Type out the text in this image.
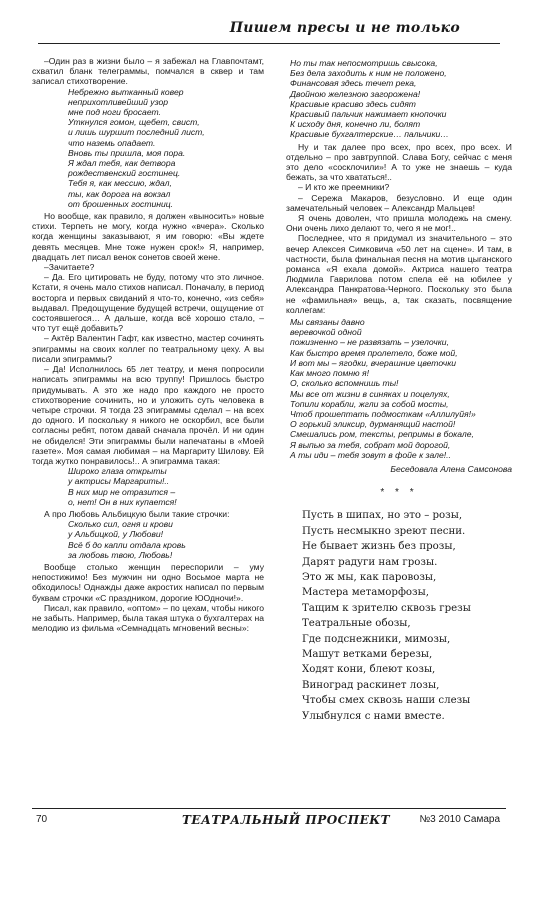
Пишем пресы и не только

–Один раз в жизни было – я забежал на Главпочтамт, схватил бланк телеграммы, помчался в сквер и там записал стихотворение.

Небрежно вытканный ковер
неприхотливейший узор
мне под ноги бросает.
Уткнулся гомон, щебет, свист,
и лишь шуршит последний лист,
что наземь опадает.
Вновь ты пришла, моя пора.
Я ждал тебя, как детвора
рождественский гостинец.
Тебя я, как мессию, ждал,
ты, как дорога на вокзал
от брошенных гостиниц.

Но вообще, как правило, я должен «выносить» новые стихи. Терпеть не могу, когда нужно «вчера». Сколько когда женщины заказывают, я им говорю: «Вы ждете девять месяцев. Мне тоже нужен срок!» Я, например, двадцать лет писал венок сонетов своей жене.

–Зачитаете?

– Да. Его цитировать не буду, потому что это личное. Кстати, я очень мало стихов написал. Поначалу, в период восторга и первых свиданий я что-то, конечно, «из себя» выдавал. Предощущение будущей встречи, ощущение от состоявшегося… А дальше, когда всё хорошо стало, – что тут ещё добавить?

– Актёр Валентин Гафт, как известно, мастер сочинять эпиграммы на своих коллег по театральному цеху. А вы писали эпиграммы?

– Да! Исполнилось 65 лет театру, и меня попросили написать эпиграммы на всю труппу! Пришлось быстро придумывать. А это же надо про каждого не просто стихотворение сочинить, но и уложить суть человека в четыре строчки. Я тогда 23 эпиграммы сделал – на всех до одного. И поскольку я никого не оскорбил, все были согласны ребят, потом давай сначала прочёл. И ни один не обиделся! Эти эпиграммы были напечатаны в «Моей газете». Моя самая любимая – на Маргариту Шилову. Ей тогда жутко понравилось!.. А эпиграмма такая:

Широко глаза открыты
у актрисы Маргариты!..
В них мир не отразится –
о, нет! Он в них купается!

А про Любовь Альбицкую были такие строчки:

Сколько сил, огня и крови
у Альбицкой, у Любови!
Всё б до капли отдала кровь
за любовь твою, Любовь!

Вообще столько женщин переспорили – уму непостижимо! Без мужчин ни одно Восьмое марта не обходилось! Однажды даже акростих написал по первым буквам строчки «С праздником, дорогие ЮОдночи!».

Писал, как правило, «оптом» – по цехам, чтобы никого не забыть. Например, была такая штука о бухгалтерах на мелодию из фильма «Семнадцать мгновений весны»:

Но ты так непосмотришь свысока,
Без дела заходить к ним не положено,
Финансовая здесь течет река,
Двойною железною загорожена!
Красивые красиво здесь сидят
Красивый пальчик нажимает кнопочки
К исходу дня, конечно ли, болят
Красивые бухгалтерские… пальчики…

Ну и так далее про всех, про всех, про всех. И отдельно – про завтруппой. Слава Богу, сейчас с меня это дело «сосклочили»! А то уже не знаешь – куда бежать, за что хвататься!..

– И кто же преемники?

– Сережа Макаров, безусловно. И еще один замечательный человек – Александр Мальцев!

Я очень доволен, что пришла молодежь на смену. Они очень лихо делают то, чего я не мог!..

Последнее, что я придумал из значительного – это вечер Алексея Симковича «50 лет на сцене». И там, в частности, была финальная песня на мотив цыганского романса «Я ехала домой». Актриса нашего театра Людмила Гаврилова потом спела её на юбилее у Александра Панкратова-Черного. Поскольку это была не «фамильная» вещь, а, так сказать, посвящение коллегам:

Мы связаны давно
веревочкой одной
пожизненно – не развязать – узелочки,
Как быстро время пролетело, боже мой,
И вот мы – ягодки, вчерашние цветочки
Как много помню я!
О, сколько вспомнишь ты!
Мы все от жизни в синяках и поцелуях,
Топили корабли, жгли за собой мосты,
Чтоб прошептать подмосткам «Аллилуйя!»
О горький эликсир, дурманящий настой!
Смешались ром, тексты, репримы в бокале,
Я выпью за тебя, собрат мой дорогой,
А ты иди – тебя зовут в фойе к зале!..
Беседовала Алена Самсонова
* * *
Пусть в шипах, но это – розы,
Пусть несмыкно зреют песни.
Не бывает жизнь без прозы,
Дарят радуги нам грозы.
Это ж мы, как паровозы,
Мастера метаморфозы,
Тащим к зрителю сквозь грезы
Театральные обозы,
Где подснежники, мимозы,
Машут ветками березы,
Ходят кони, блеют козы,
Виноград раскинет лозы,
Чтобы смех сквозь наши слезы
Улыбнулся с нами вместе.
70	ТЕАТРАЛЬНЫЙ ПРОСПЕКТ	№3 2010 Самара
